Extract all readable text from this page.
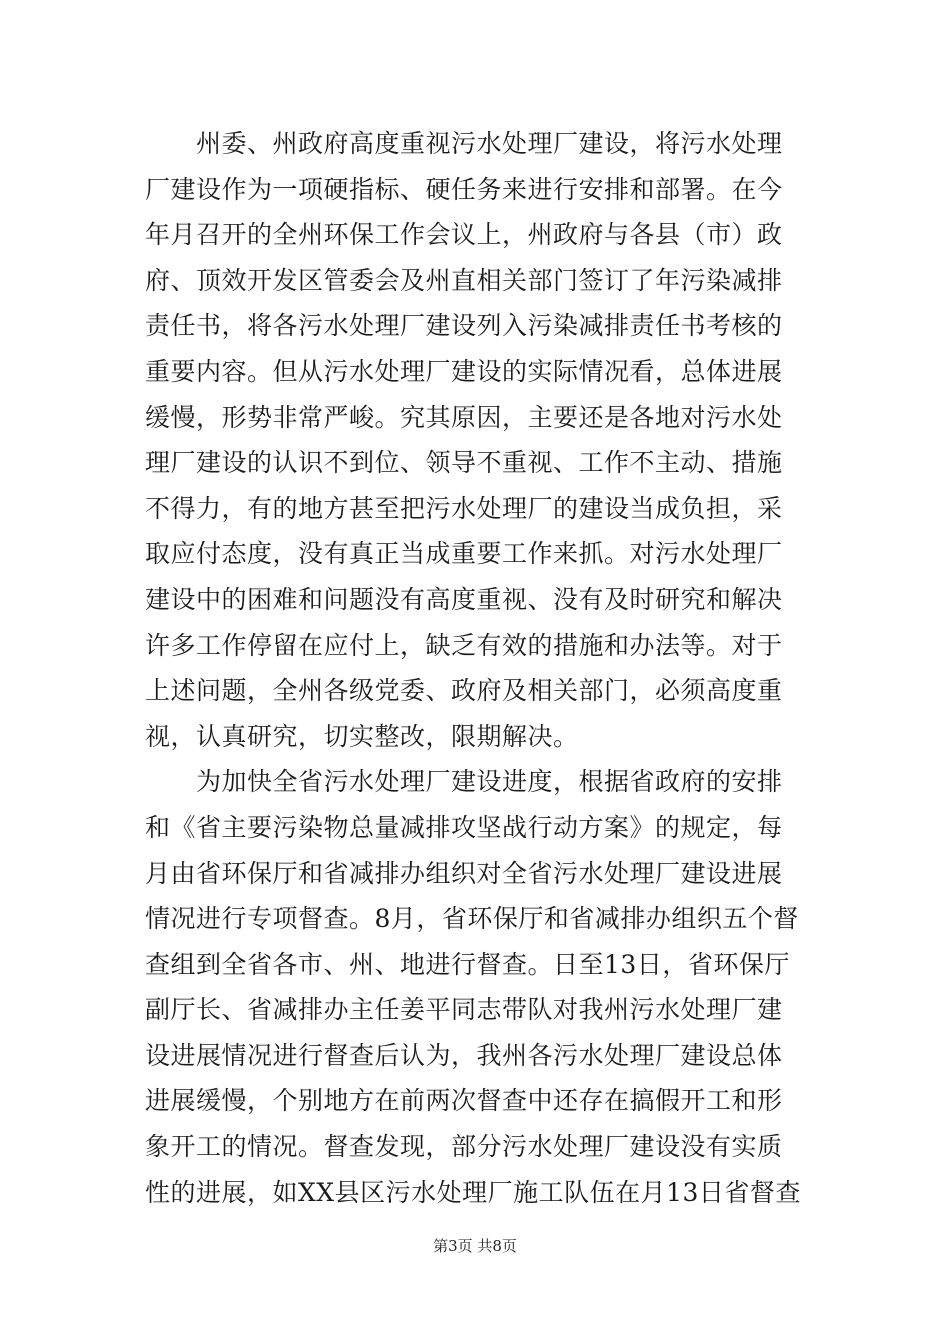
　　州委、州政府高度重视污水处理厂建设，将污水处理
厂建设作为一项硬指标、硬任务来进行安排和部署。在今
年月召开的全州环保工作会议上，州政府与各县（市）政
府、顶效开发区管委会及州直相关部门签订了年污染减排
责任书，将各污水处理厂建设列入污染减排责任书考核的
重要内容。但从污水处理厂建设的实际情况看，总体进展
缓慢，形势非常严峻。究其原因，主要还是各地对污水处
理厂建设的认识不到位、领导不重视、工作不主动、措施
不得力，有的地方甚至把污水处理厂的建设当成负担，采
取应付态度，没有真正当成重要工作来抓。对污水处理厂
建设中的困难和问题没有高度重视、没有及时研究和解决
许多工作停留在应付上，缺乏有效的措施和办法等。对于
上述问题，全州各级党委、政府及相关部门，必须高度重
视，认真研究，切实整改，限期解决。
　　为加快全省污水处理厂建设进度，根据省政府的安排
和《省主要污染物总量减排攻坚战行动方案》的规定，每
月由省环保厅和省减排办组织对全省污水处理厂建设进展
情况进行专项督查。8月，省环保厅和省减排办组织五个督
查组到全省各市、州、地进行督查。日至13日，省环保厅
副厅长、省减排办主任姜平同志带队对我州污水处理厂建
设进展情况进行督查后认为，我州各污水处理厂建设总体
进展缓慢，个别地方在前两次督查中还存在搞假开工和形
象开工的情况。督查发现，部分污水处理厂建设没有实质
性的进展，如XX县区污水处理厂施工队伍在月13日省督查
第3页 共8页
